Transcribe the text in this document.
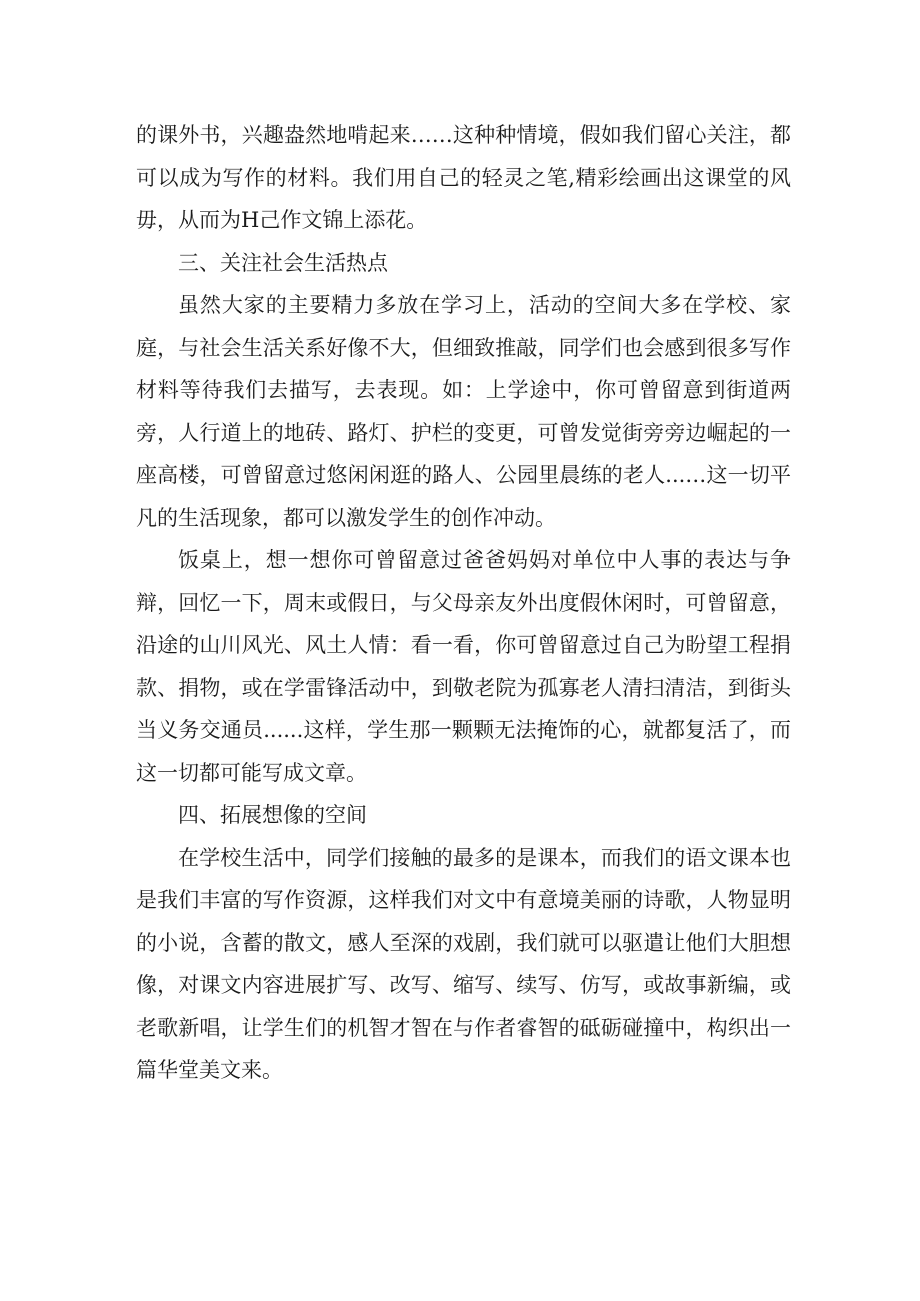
的课外书，兴趣盎然地啃起来……这种种情境，假如我们留心关注，都可以成为写作的材料。我们用自己的轻灵之笔,精彩绘画出这课堂的风毋，从而为H己作文锦上添花。

三、关注社会生活热点

虽然大家的主要精力多放在学习上，活动的空间大多在学校、家庭，与社会生活关系好像不大，但细致推敲，同学们也会感到很多写作材料等待我们去描写，去表现。如：上学途中，你可曾留意到街道两旁，人行道上的地砖、路灯、护栏的变更，可曾发觉街旁旁边崛起的一座高楼，可曾留意过悠闲闲逛的路人、公园里晨练的老人...…这一切平凡的生活现象，都可以激发学生的创作冲动。

饭桌上，想一想你可曾留意过爸爸妈妈对单位中人事的表达与争辩，回忆一下，周末或假日，与父母亲友外出度假休闲时，可曾留意，沿途的山川风光、风土人情：看一看，你可曾留意过自己为盼望工程捐款、捐物，或在学雷锋活动中，到敬老院为孤寡老人清扫清洁，到街头当义务交通员......这样，学生那一颗颗无法掩饰的心，就都复活了，而这一切都可能写成文章。

四、拓展想像的空间

在学校生活中，同学们接触的最多的是课本，而我们的语文课本也是我们丰富的写作资源，这样我们对文中有意境美丽的诗歌，人物显明的小说，含蓄的散文，感人至深的戏剧，我们就可以驱遣让他们大胆想像，对课文内容进展扩写、改写、缩写、续写、仿写，或故事新编，或老歌新唱，让学生们的机智才智在与作者睿智的砥砺碰撞中，构织出一篇华堂美文来。
